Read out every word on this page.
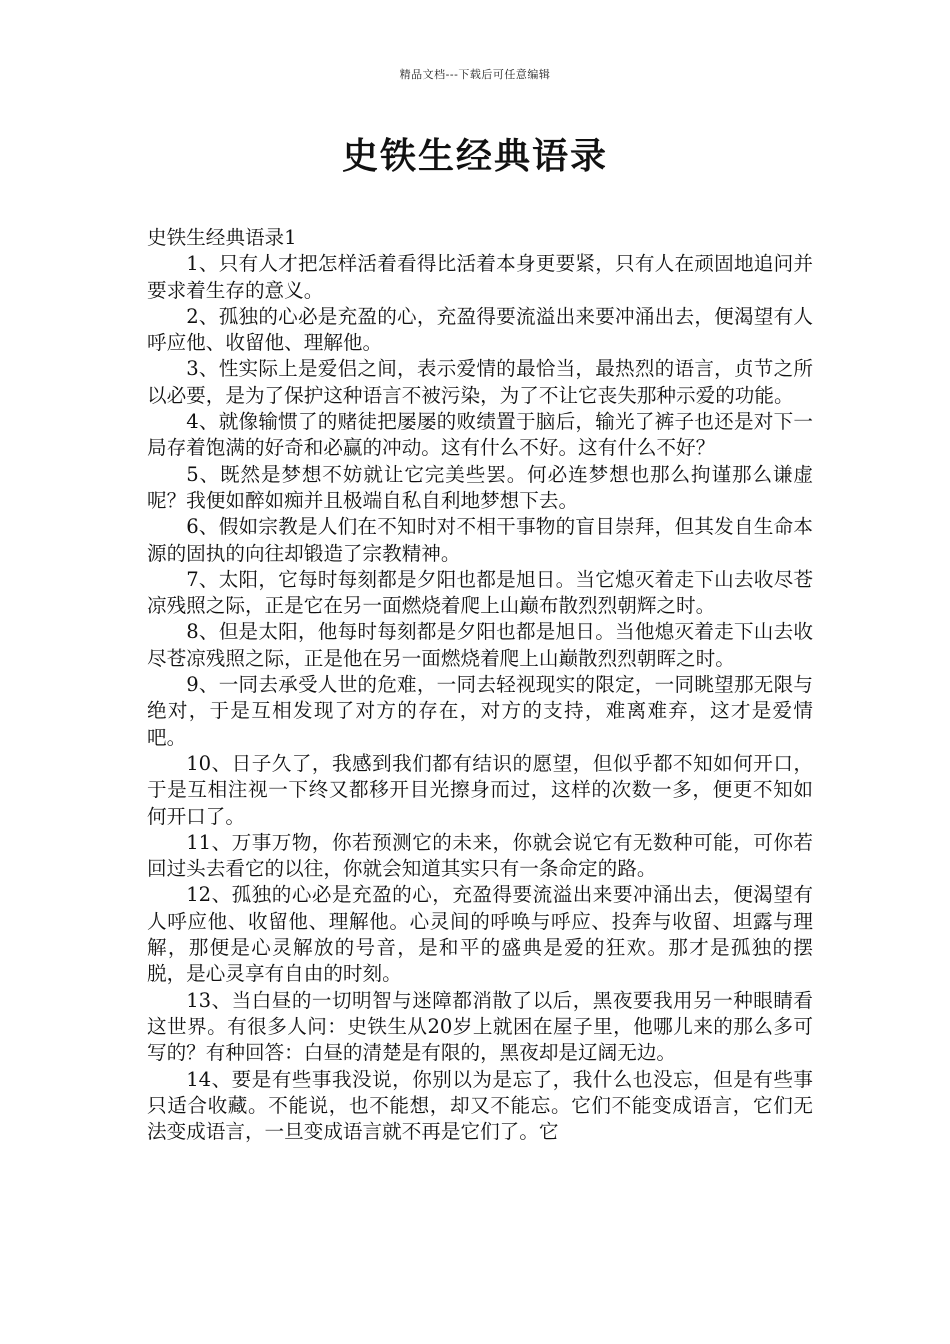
精品文档---下载后可任意编辑
史铁生经典语录

史铁生经典语录1

1、只有人才把怎样活着看得比活着本身更要紧，只有人在顽固地追问并要求着生存的意义。

2、孤独的心必是充盈的心，充盈得要流溢出来要冲涌出去，便渴望有人呼应他、收留他、理解他。

3、性实际上是爱侣之间，表示爱情的最恰当，最热烈的语言，贞节之所以必要，是为了保护这种语言不被污染，为了不让它丧失那种示爱的功能。

4、就像输惯了的赌徒把屡屡的败绩置于脑后，输光了裤子也还是对下一局存着饱满的好奇和必赢的冲动。这有什么不好。这有什么不好？

5、既然是梦想不妨就让它完美些罢。何必连梦想也那么拘谨那么谦虚呢？我便如醉如痴并且极端自私自利地梦想下去。

6、假如宗教是人们在不知时对不相干事物的盲目崇拜，但其发自生命本源的固执的向往却锻造了宗教精神。

7、太阳，它每时每刻都是夕阳也都是旭日。当它熄灭着走下山去收尽苍凉残照之际，正是它在另一面燃烧着爬上山巅布散烈烈朝辉之时。

8、但是太阳，他每时每刻都是夕阳也都是旭日。当他熄灭着走下山去收尽苍凉残照之际，正是他在另一面燃烧着爬上山巅散烈烈朝晖之时。

9、一同去承受人世的危难，一同去轻视现实的限定，一同眺望那无限与绝对，于是互相发现了对方的存在，对方的支持，难离难弃，这才是爱情吧。

10、日子久了，我感到我们都有结识的愿望，但似乎都不知如何开口，于是互相注视一下终又都移开目光擦身而过，这样的次数一多，便更不知如何开口了。

11、万事万物，你若预测它的未来，你就会说它有无数种可能，可你若回过头去看它的以往，你就会知道其实只有一条命定的路。

12、孤独的心必是充盈的心，充盈得要流溢出来要冲涌出去，便渴望有人呼应他、收留他、理解他。心灵间的呼唤与呼应、投奔与收留、坦露与理解，那便是心灵解放的号音，是和平的盛典是爱的狂欢。那才是孤独的摆脱，是心灵享有自由的时刻。

13、当白昼的一切明智与迷障都消散了以后，黑夜要我用另一种眼睛看这世界。有很多人问：史铁生从20岁上就困在屋子里，他哪儿来的那么多可写的？有种回答：白昼的清楚是有限的，黑夜却是辽阔无边。

14、要是有些事我没说，你别以为是忘了，我什么也没忘，但是有些事只适合收藏。不能说，也不能想，却又不能忘。它们不能变成语言，它们无法变成语言，一旦变成语言就不再是它们了。它
